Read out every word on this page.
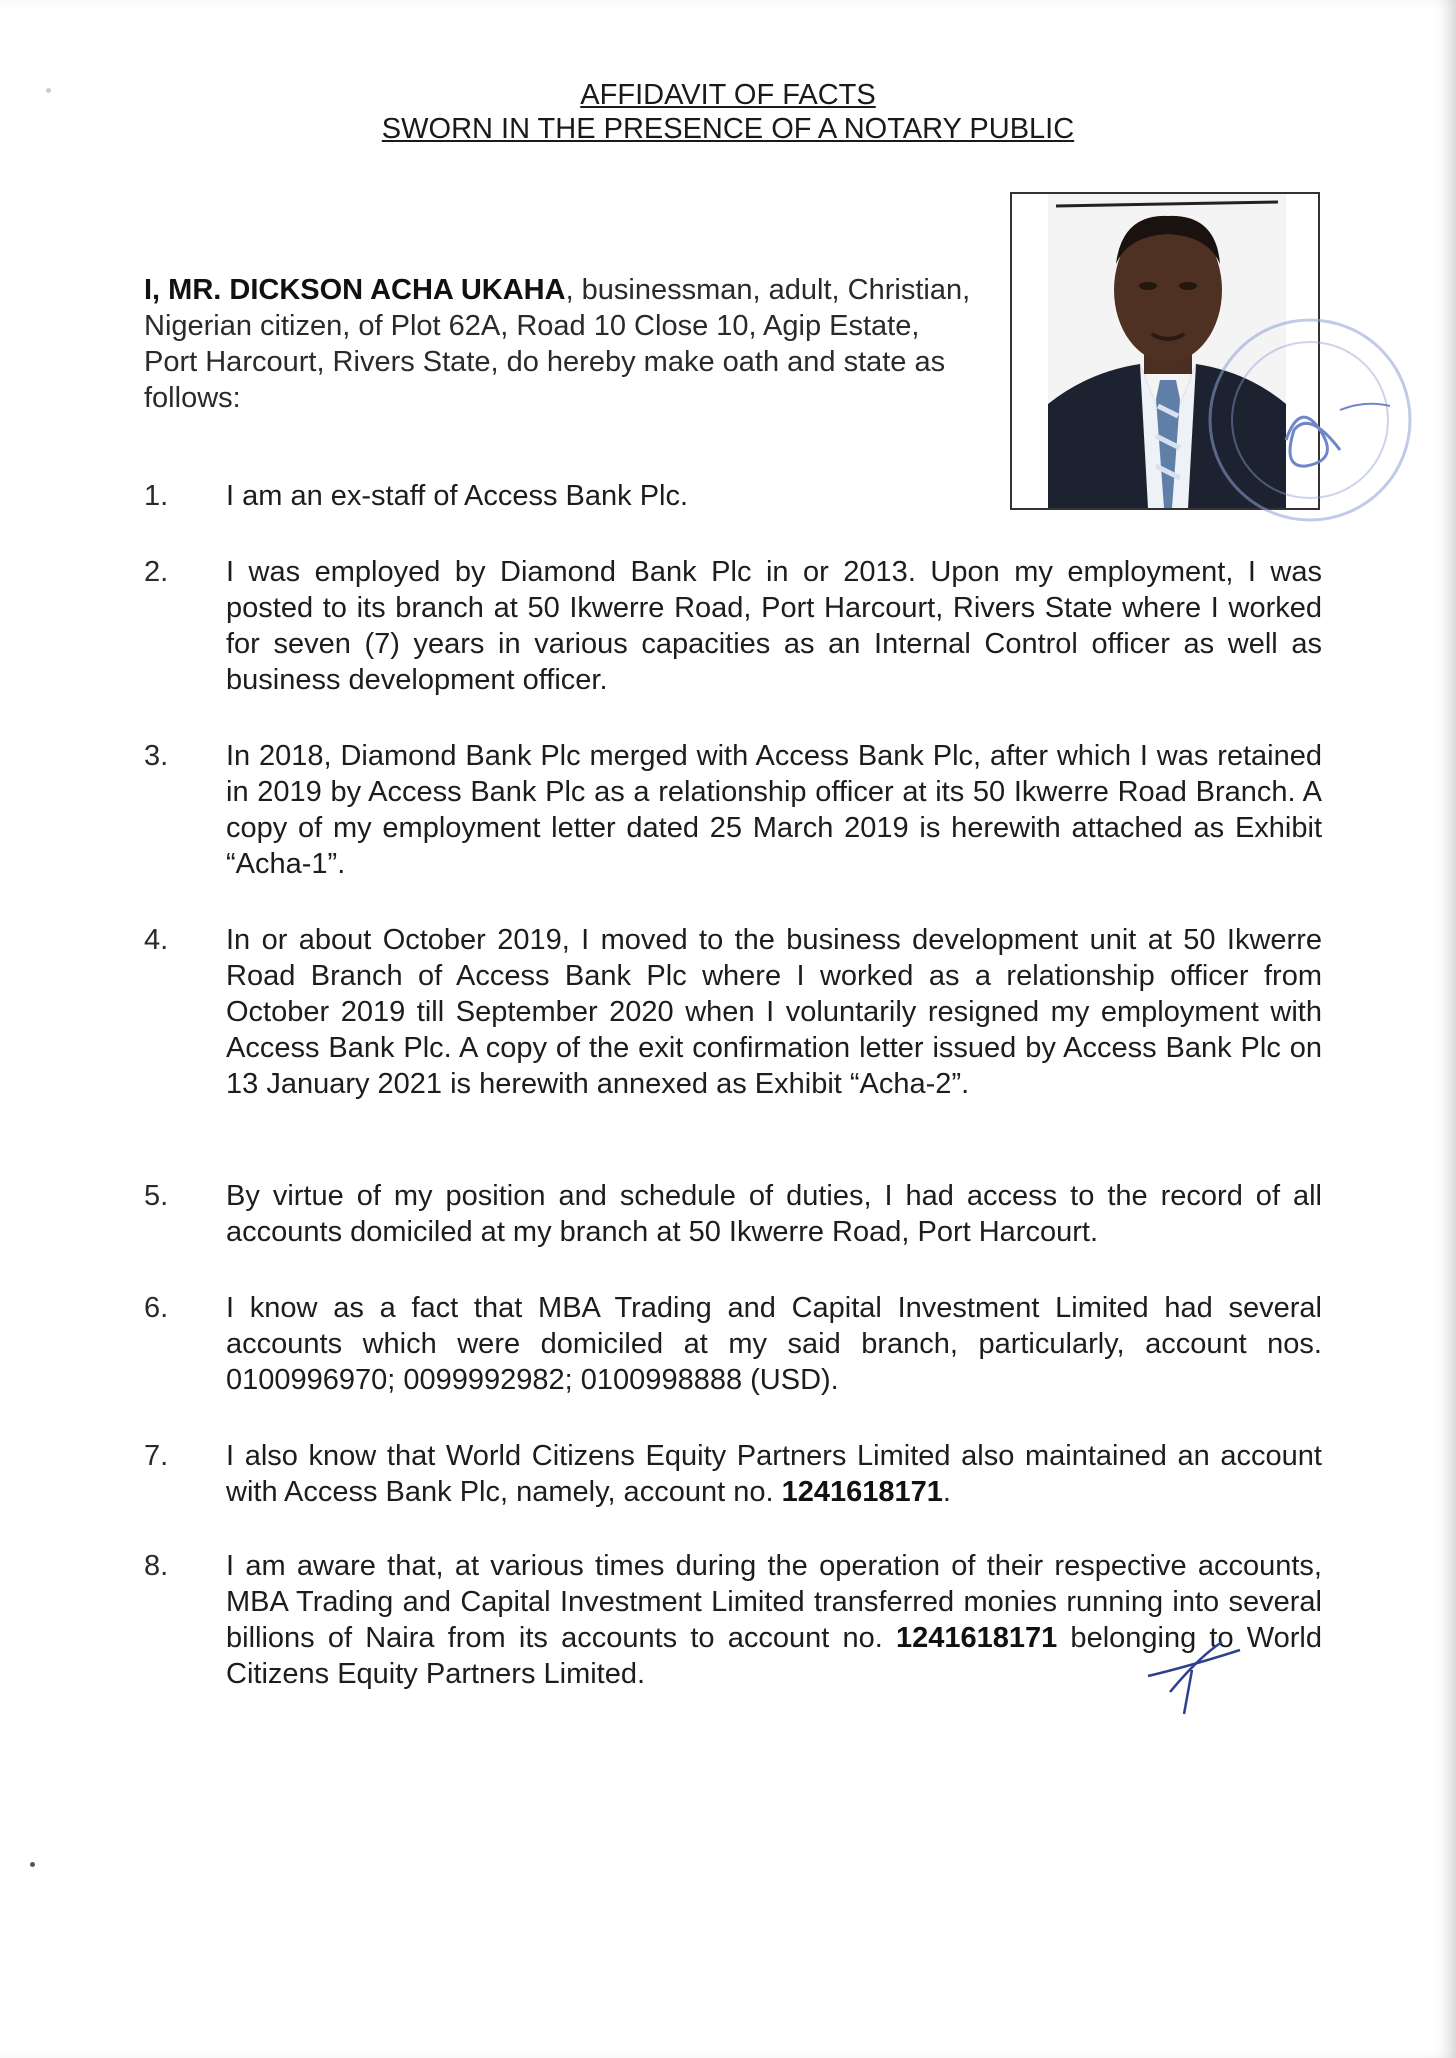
AFFIDAVIT OF FACTS
SWORN IN THE PRESENCE OF A NOTARY PUBLIC
I, MR. DICKSON ACHA UKAHA, businessman, adult, Christian, Nigerian citizen, of Plot 62A, Road 10 Close 10, Agip Estate, Port Harcourt, Rivers State, do hereby make oath and state as follows:
1.	I am an ex-staff of Access Bank Plc.
2.	I was employed by Diamond Bank Plc in or 2013. Upon my employment, I was posted to its branch at 50 Ikwerre Road, Port Harcourt, Rivers State where I worked for seven (7) years in various capacities as an Internal Control officer as well as business development officer.
3.	In 2018, Diamond Bank Plc merged with Access Bank Plc, after which I was retained in 2019 by Access Bank Plc as a relationship officer at its 50 Ikwerre Road Branch. A copy of my employment letter dated 25 March 2019 is herewith attached as Exhibit “Acha-1”.
4.	In or about October 2019, I moved to the business development unit at 50 Ikwerre Road Branch of Access Bank Plc where I worked as a relationship officer from October 2019 till September 2020 when I voluntarily resigned my employment with Access Bank Plc. A copy of the exit confirmation letter issued by Access Bank Plc on 13 January 2021 is herewith annexed as Exhibit “Acha-2”.
5.	By virtue of my position and schedule of duties, I had access to the record of all accounts domiciled at my branch at 50 Ikwerre Road, Port Harcourt.
6.	I know as a fact that MBA Trading and Capital Investment Limited had several accounts which were domiciled at my said branch, particularly, account nos. 0100996970; 0099992982; 0100998888 (USD).
7.	I also know that World Citizens Equity Partners Limited also maintained an account with Access Bank Plc, namely, account no. 1241618171.
8.	I am aware that, at various times during the operation of their respective accounts, MBA Trading and Capital Investment Limited transferred monies running into several billions of Naira from its accounts to account no. 1241618171 belonging to World Citizens Equity Partners Limited.
